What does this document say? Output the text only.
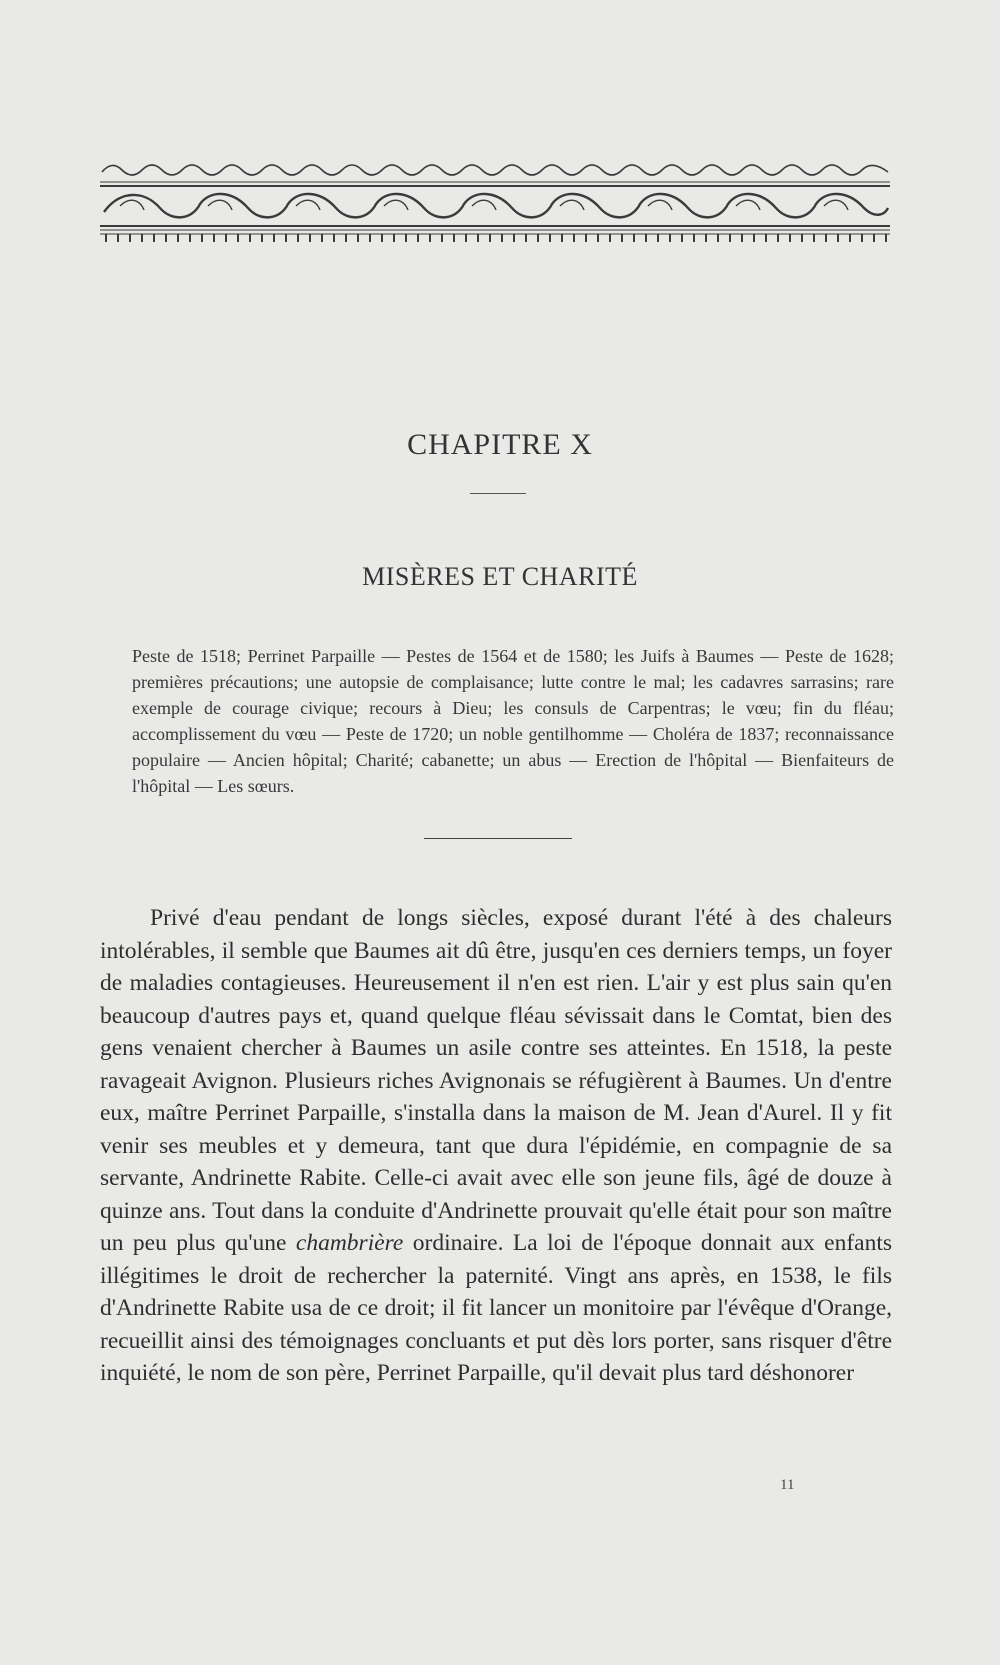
CHAPITRE X
MISÈRES ET CHARITÉ
Peste de 1518; Perrinet Parpaille — Pestes de 1564 et de 1580; les Juifs à Baumes — Peste de 1628; premières précautions; une autopsie de complaisance; lutte contre le mal; les cadavres sarrasins; rare exemple de courage civique; recours à Dieu; les consuls de Carpentras; le vœu; fin du fléau; accomplissement du vœu — Peste de 1720; un noble gentilhomme — Choléra de 1837; reconnaissance populaire — Ancien hôpital; Charité; cabanette; un abus — Erection de l'hôpital — Bienfaiteurs de l'hôpital — Les sœurs.

Privé d'eau pendant de longs siècles, exposé durant l'été à des chaleurs intolérables, il semble que Baumes ait dû être, jusqu'en ces derniers temps, un foyer de maladies contagieuses. Heureusement il n'en est rien. L'air y est plus sain qu'en beaucoup d'autres pays et, quand quelque fléau sévissait dans le Comtat, bien des gens venaient chercher à Baumes un asile contre ses atteintes. En 1518, la peste ravageait Avignon. Plusieurs riches Avignonais se réfugièrent à Baumes. Un d'entre eux, maître Perrinet Parpaille, s'installa dans la maison de M. Jean d'Aurel. Il y fit venir ses meubles et y demeura, tant que dura l'épidémie, en compagnie de sa servante, Andrinette Rabite. Celle-ci avait avec elle son jeune fils, âgé de douze à quinze ans. Tout dans la conduite d'Andrinette prouvait qu'elle était pour son maître un peu plus qu'une chambrière ordinaire. La loi de l'époque donnait aux enfants illégitimes le droit de rechercher la paternité. Vingt ans après, en 1538, le fils d'Andrinette Rabite usa de ce droit; il fit lancer un monitoire par l'évêque d'Orange, recueillit ainsi des témoignages concluants et put dès lors porter, sans risquer d'être inquiété, le nom de son père, Perrinet Parpaille, qu'il devait plus tard déshonorer

11
